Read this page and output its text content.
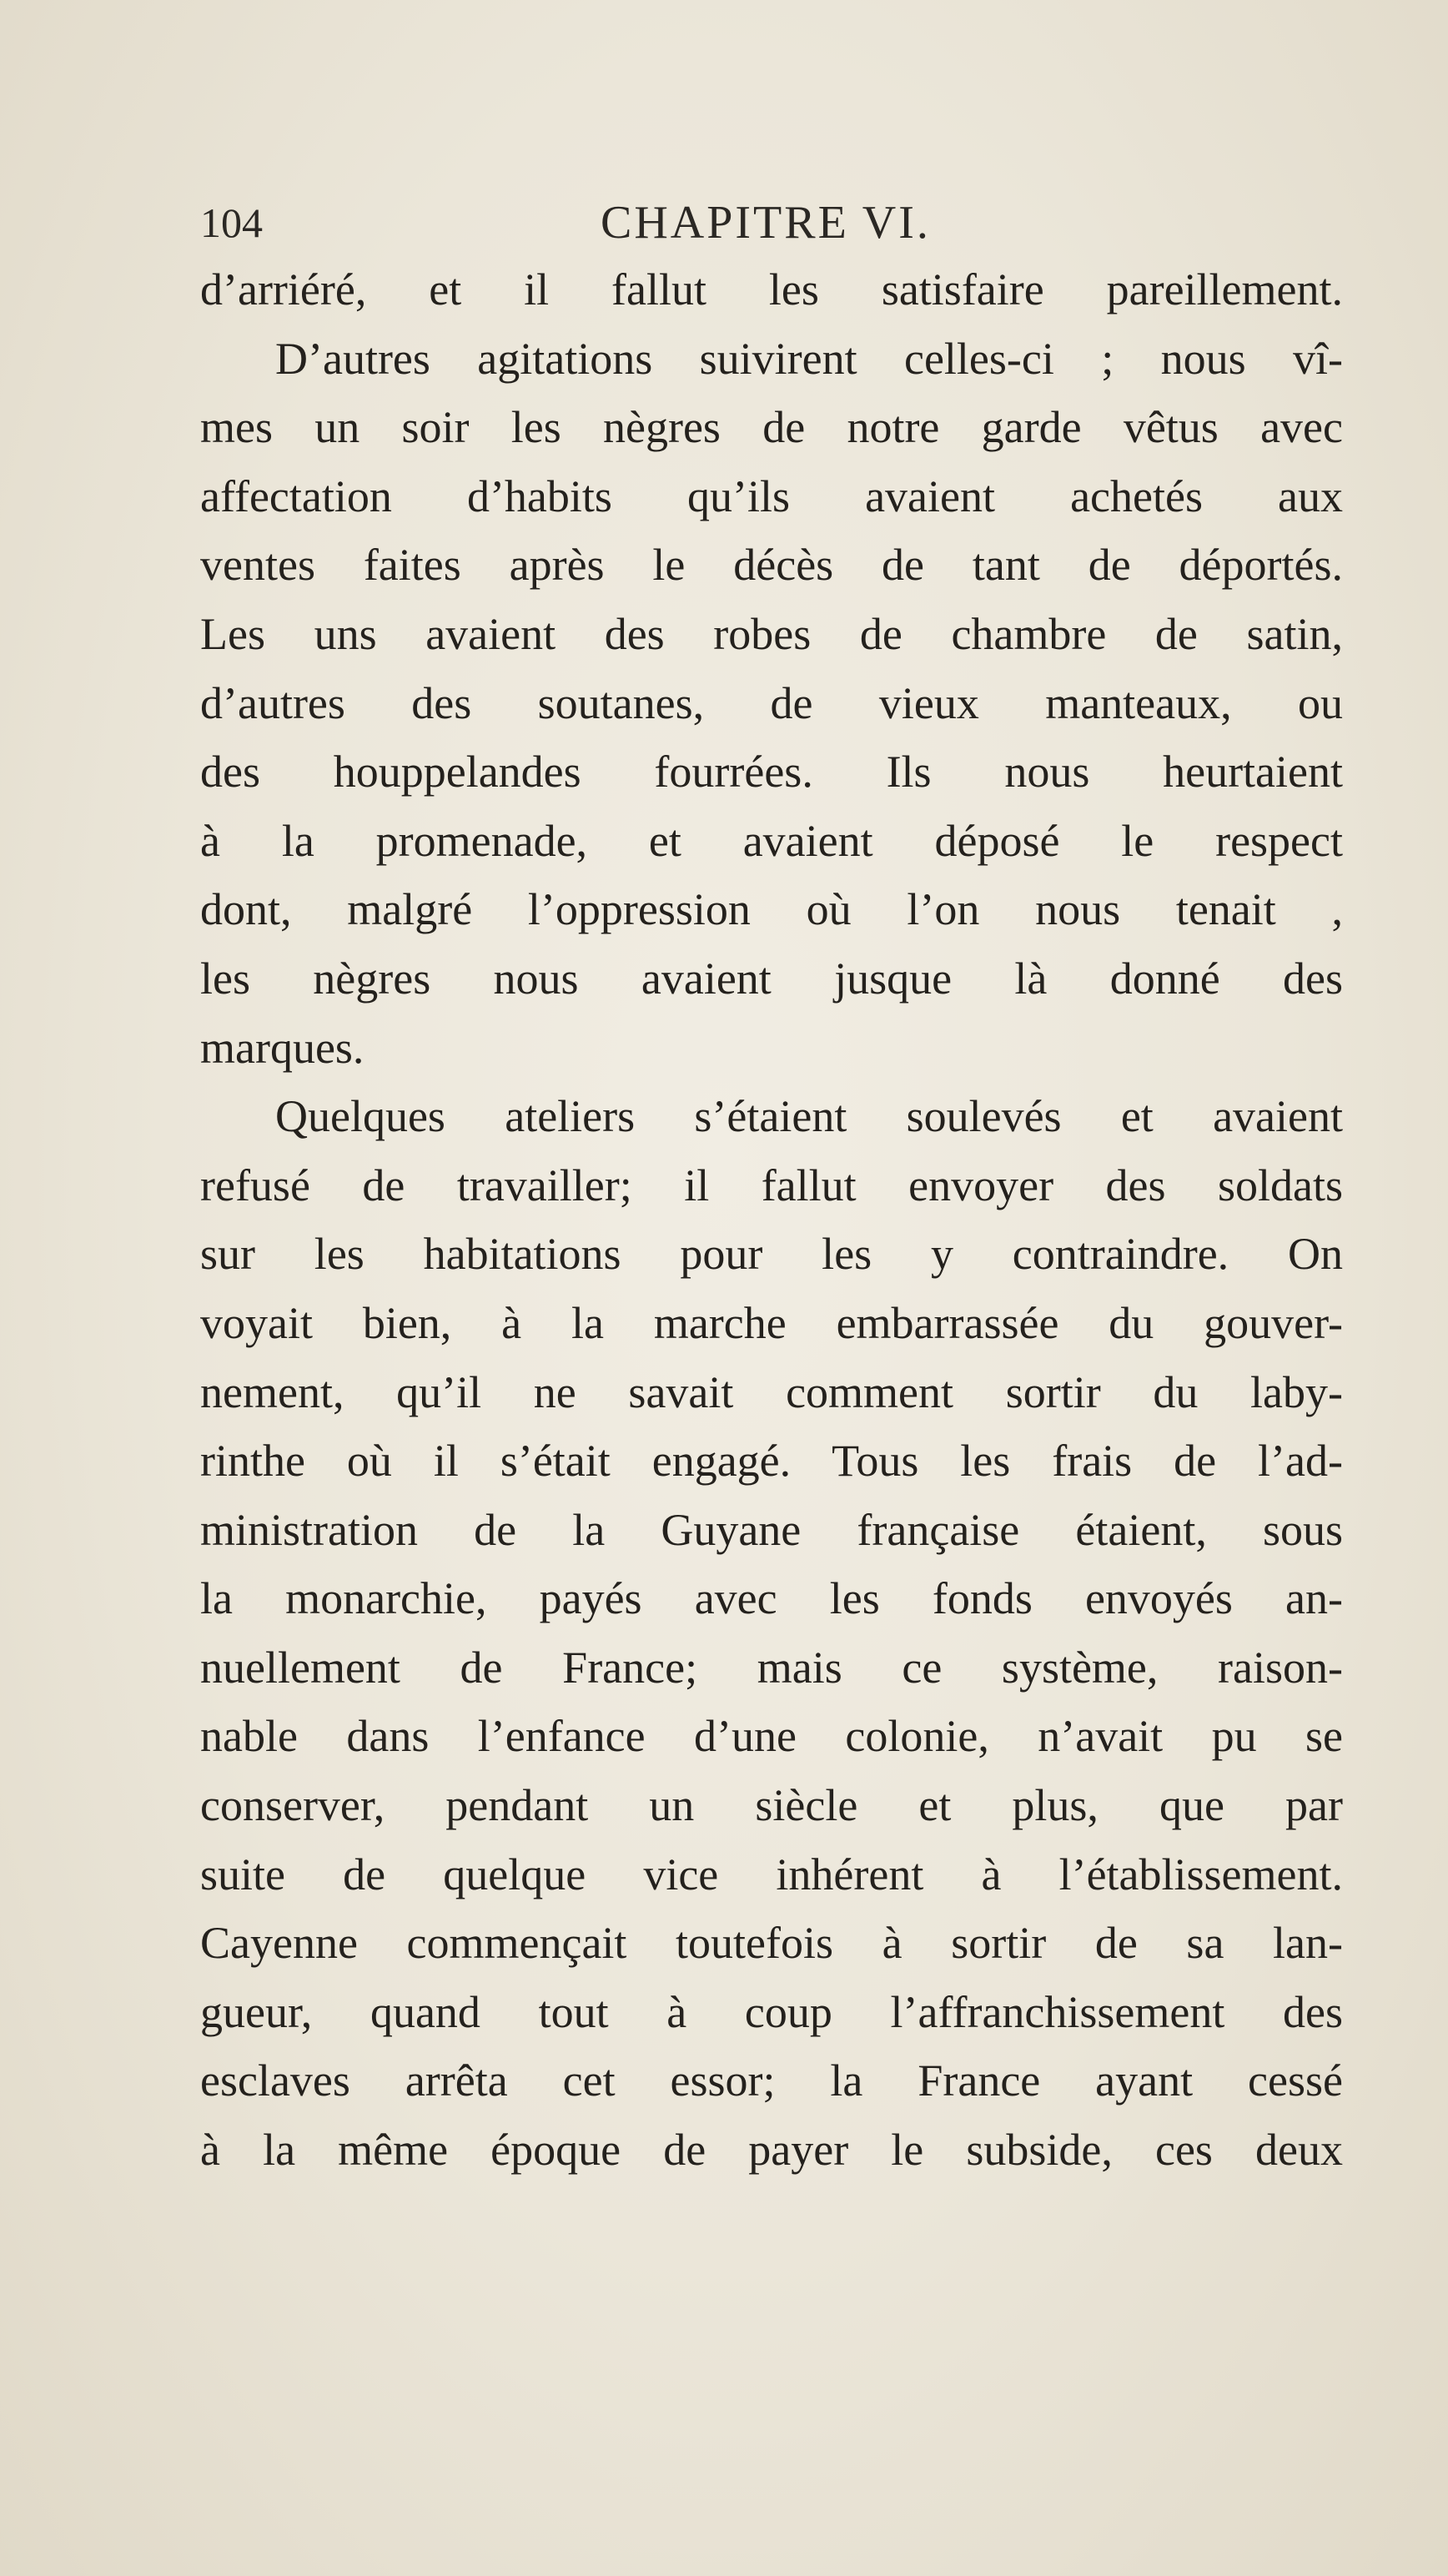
104	CHAPITRE VI.
d’arriéré, et il fallut les satisfaire pareillement.
D’autres agitations suivirent celles-ci ; nous vî-
mes un soir les nègres de notre garde vêtus avec
affectation d’habits qu’ils avaient achetés aux
ventes faites après le décès de tant de déportés.
Les uns avaient des robes de chambre de satin,
d’autres des soutanes, de vieux manteaux, ou
des houppelandes fourrées. Ils nous heurtaient
à la promenade, et avaient déposé le respect
dont, malgré l’oppression où l’on nous tenait ,
les nègres nous avaient jusque là donné des
marques.
Quelques ateliers s’étaient soulevés et avaient
refusé de travailler; il fallut envoyer des soldats
sur les habitations pour les y contraindre. On
voyait bien, à la marche embarrassée du gouver-
nement, qu’il ne savait comment sortir du laby-
rinthe où il s’était engagé. Tous les frais de l’ad-
ministration de la Guyane française étaient, sous
la monarchie, payés avec les fonds envoyés an-
nuellement de France; mais ce système, raison-
nable dans l’enfance d’une colonie, n’avait pu se
conserver, pendant un siècle et plus, que par
suite de quelque vice inhérent à l’établissement.
Cayenne commençait toutefois à sortir de sa lan-
gueur, quand tout à coup l’affranchissement des
esclaves arrêta cet essor; la France ayant cessé
à la même époque de payer le subside, ces deux
